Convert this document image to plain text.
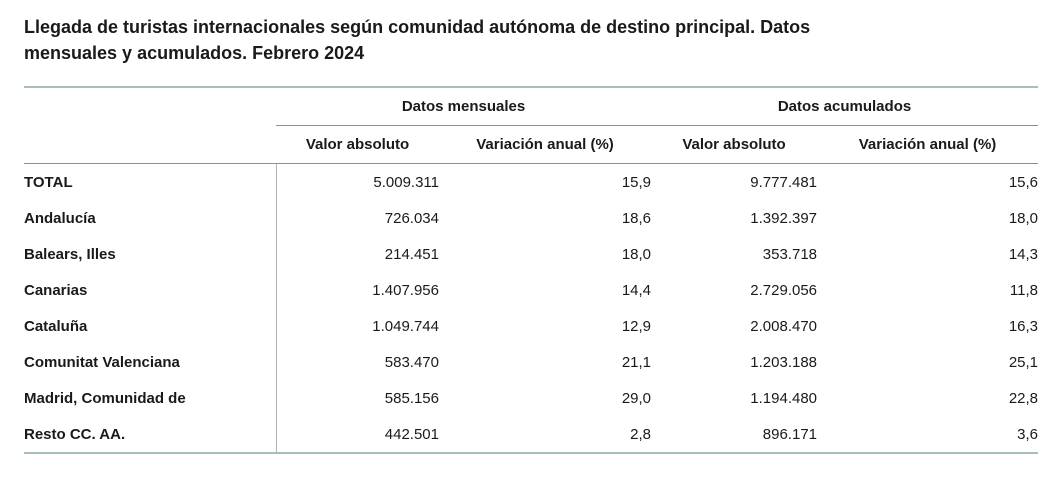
Llegada de turistas internacionales según comunidad autónoma de destino principal. Datos
mensuales y acumulados. Febrero 2024
	Datos mensuales		Datos acumulados	
	Valor absoluto	Variación anual (%)	Valor absoluto	Variación anual (%)
TOTAL	5.009.311	15,9	9.777.481	15,6
Andalucía	726.034	18,6	1.392.397	18,0
Balears, Illes	214.451	18,0	353.718	14,3
Canarias	1.407.956	14,4	2.729.056	11,8
Cataluña	1.049.744	12,9	2.008.470	16,3
Comunitat Valenciana	583.470	21,1	1.203.188	25,1
Madrid, Comunidad de	585.156	29,0	1.194.480	22,8
Resto CC. AA.	442.501	2,8	896.171	3,6
